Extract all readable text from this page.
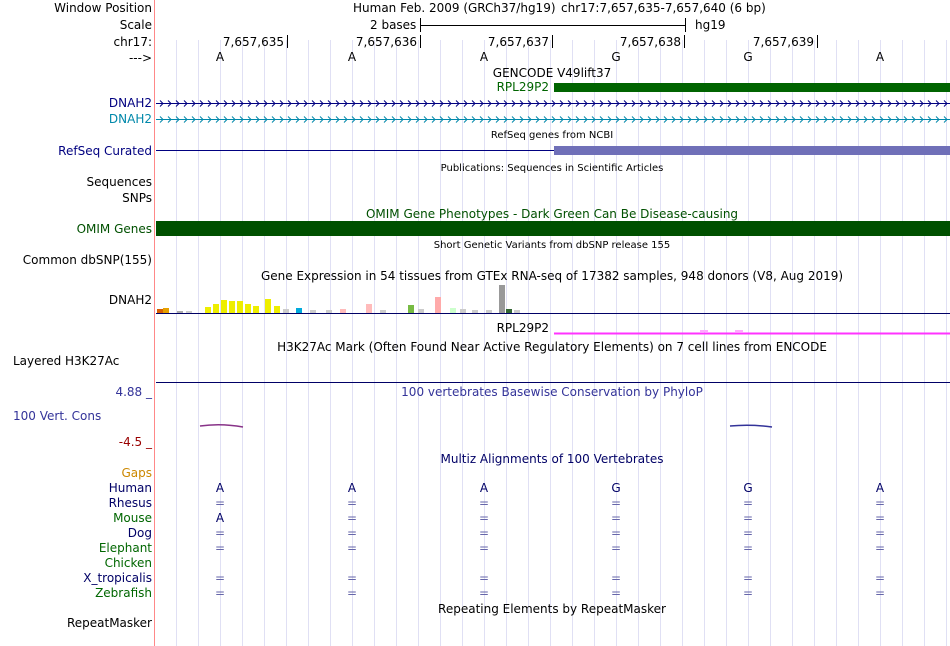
Window Position
Scale
chr17:
--->
Human Feb. 2009 (GRCh37/hg19) chr17:7,657,635-7,657,640 (6 bp)
2 bases	hg19
7,657,635	7,657,636	7,657,637	7,657,638	7,657,639
A	A	A	G	G	A
GENCODE V49lift37
RPL29P2
DNAH2
DNAH2
RefSeq genes from NCBI
RefSeq Curated
Publications: Sequences in Scientific Articles
Sequences
SNPs
OMIM Gene Phenotypes - Dark Green Can Be Disease-causing
OMIM Genes
Short Genetic Variants from dbSNP release 155
Common dbSNP(155)
Gene Expression in 54 tissues from GTEx RNA-seq of 17382 samples, 948 donors (V8, Aug 2019)
DNAH2
RPL29P2
H3K27Ac Mark (Often Found Near Active Regulatory Elements) on 7 cell lines from ENCODE
Layered H3K27Ac
100 vertebrates Basewise Conservation by PhyloP
4.88 _
100 Vert. Cons
-4.5 _
Multiz Alignments of 100 Vertebrates
Gaps
Human	A	A	A	G	G	A
Rhesus	=	=	=	=	=	=
Mouse	A	=	=	=	=	=
Dog	=	=	=	=	=	=
Elephant	=	=	=	=	=	=
Chicken
X_tropicalis	=	=	=	=	=	=
Zebrafish	=	=	=	=	=	=
Repeating Elements by RepeatMasker
RepeatMasker
